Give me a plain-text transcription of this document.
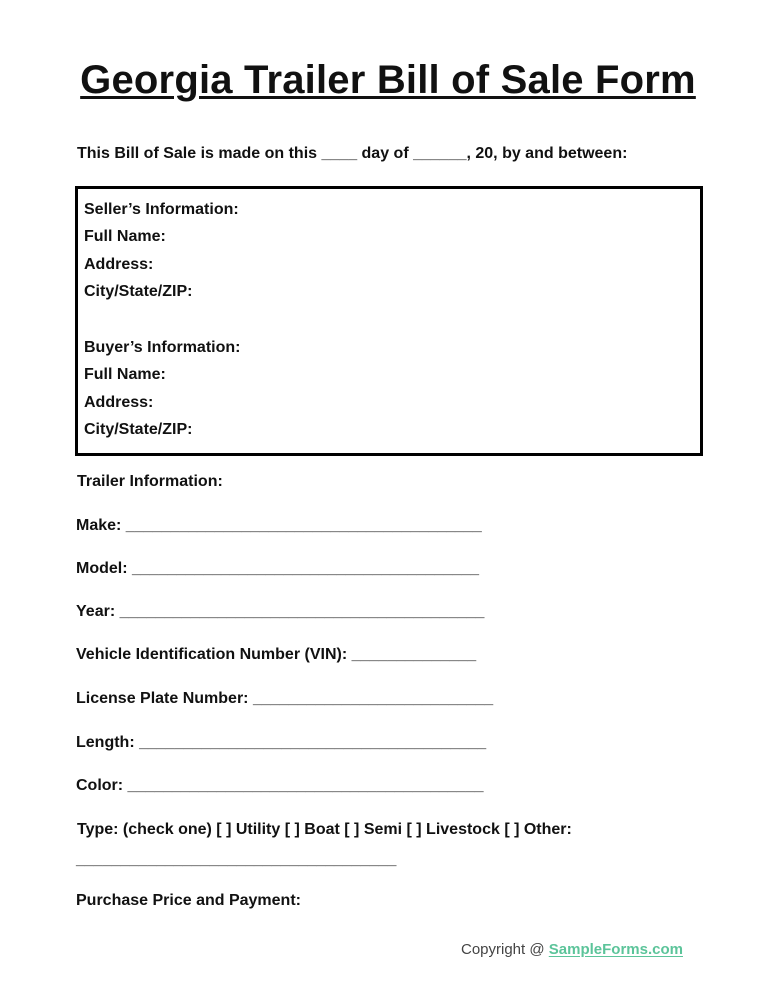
Georgia Trailer Bill of Sale Form
This Bill of Sale is made on this ____ day of ______, 20, by and between:
Seller’s Information:
Full Name:
Address:
City/State/ZIP:
Buyer’s Information:
Full Name:
Address:
City/State/ZIP:
Trailer Information:
Make: ________________________________________
Model: _______________________________________
Year: _________________________________________
Vehicle Identification Number (VIN): ______________
License Plate Number: ___________________________
Length: _______________________________________
Color: ________________________________________
Type: (check one) [ ] Utility [ ] Boat [ ] Semi [ ] Livestock [ ] Other:
____________________________________
Purchase Price and Payment:
Copyright @ SampleForms.com
